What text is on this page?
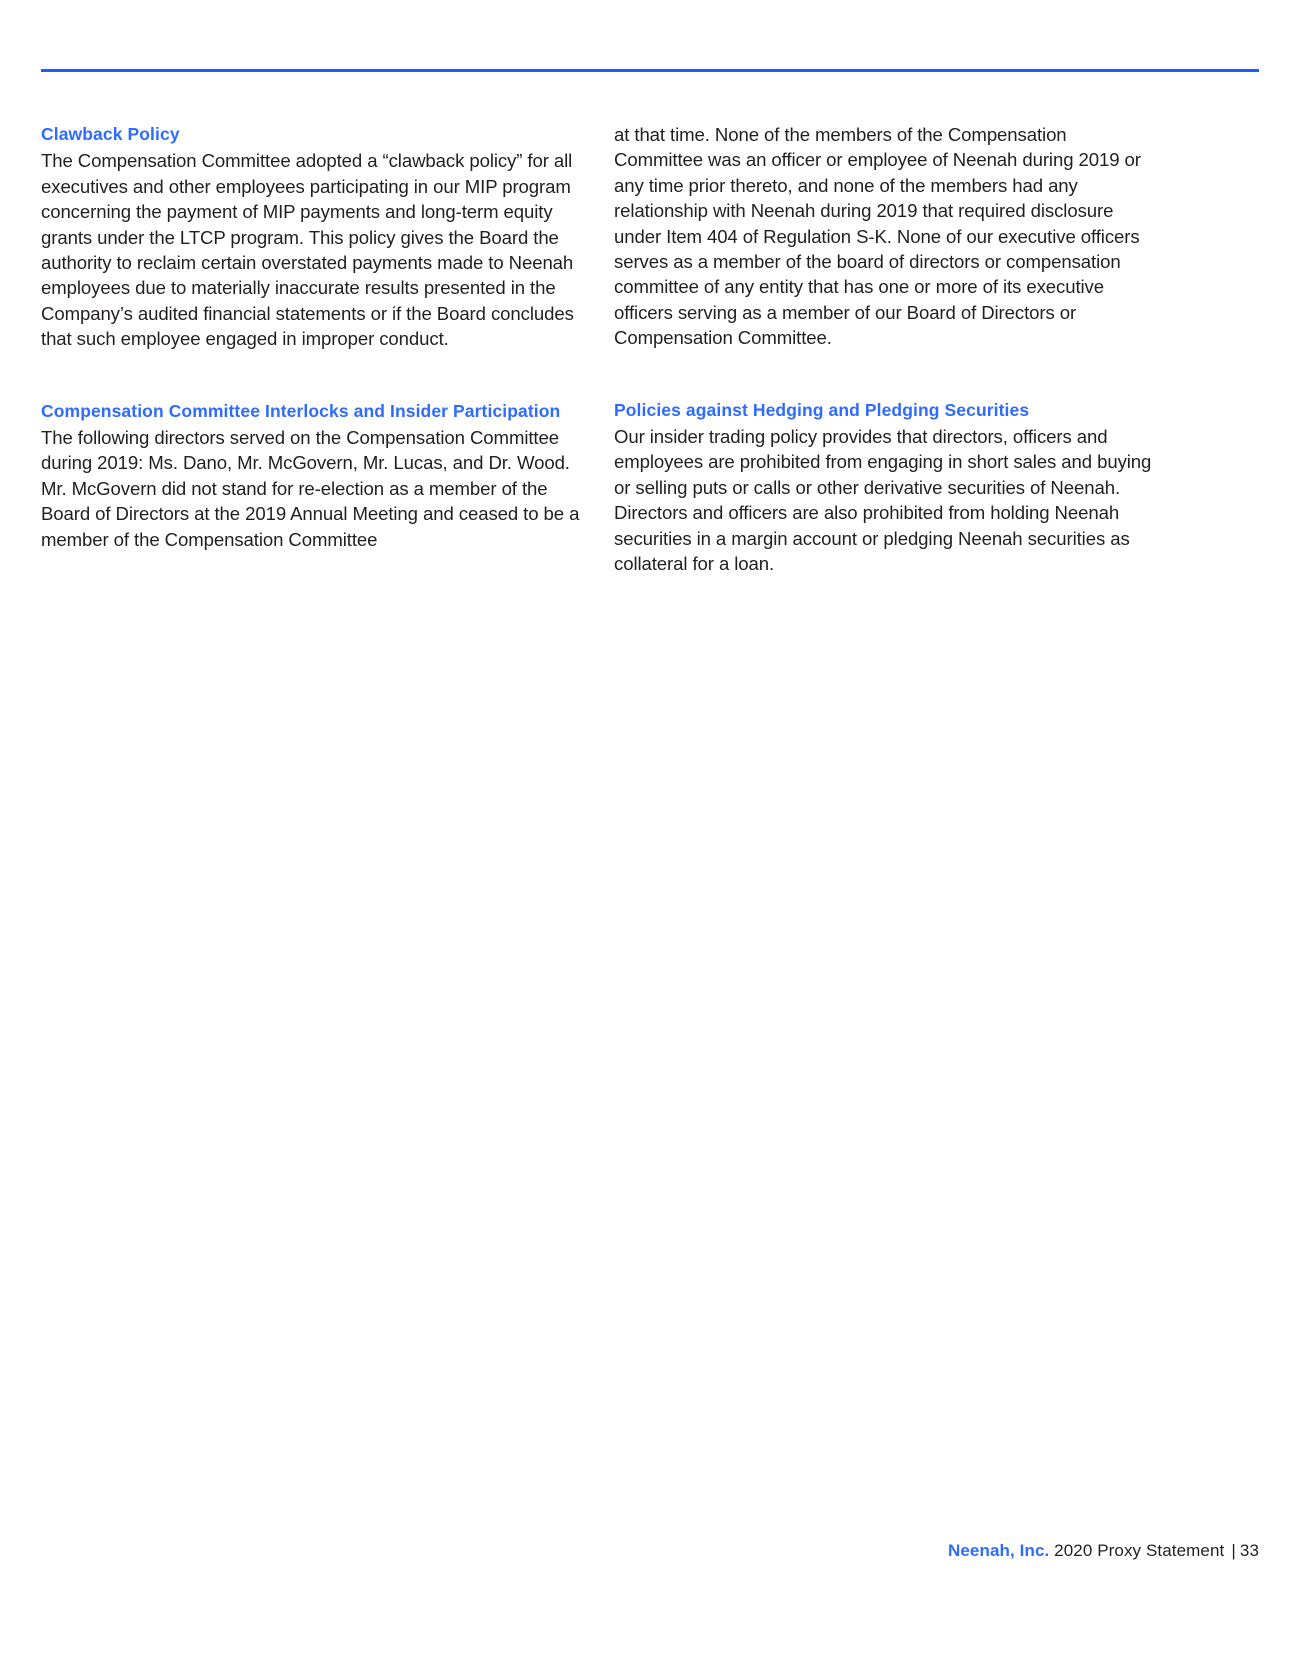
Clawback Policy

The Compensation Committee adopted a “clawback policy” for all executives and other employees participating in our MIP program concerning the payment of MIP payments and long-term equity grants under the LTCP program. This policy gives the Board the authority to reclaim certain overstated payments made to Neenah employees due to materially inaccurate results presented in the Company’s audited financial statements or if the Board concludes that such employee engaged in improper conduct.

Compensation Committee Interlocks and Insider Participation

The following directors served on the Compensation Committee during 2019: Ms. Dano, Mr. McGovern, Mr. Lucas, and Dr. Wood. Mr. McGovern did not stand for re-election as a member of the Board of Directors at the 2019 Annual Meeting and ceased to be a member of the Compensation Committee

at that time. None of the members of the Compensation Committee was an officer or employee of Neenah during 2019 or any time prior thereto, and none of the members had any relationship with Neenah during 2019 that required disclosure under Item 404 of Regulation S-K. None of our executive officers serves as a member of the board of directors or compensation committee of any entity that has one or more of its executive officers serving as a member of our Board of Directors or Compensation Committee.

Policies against Hedging and Pledging Securities

Our insider trading policy provides that directors, officers and employees are prohibited from engaging in short sales and buying or selling puts or calls or other derivative securities of Neenah. Directors and officers are also prohibited from holding Neenah securities in a margin account or pledging Neenah securities as collateral for a loan.

Neenah, Inc. 2020 Proxy Statement | 33
